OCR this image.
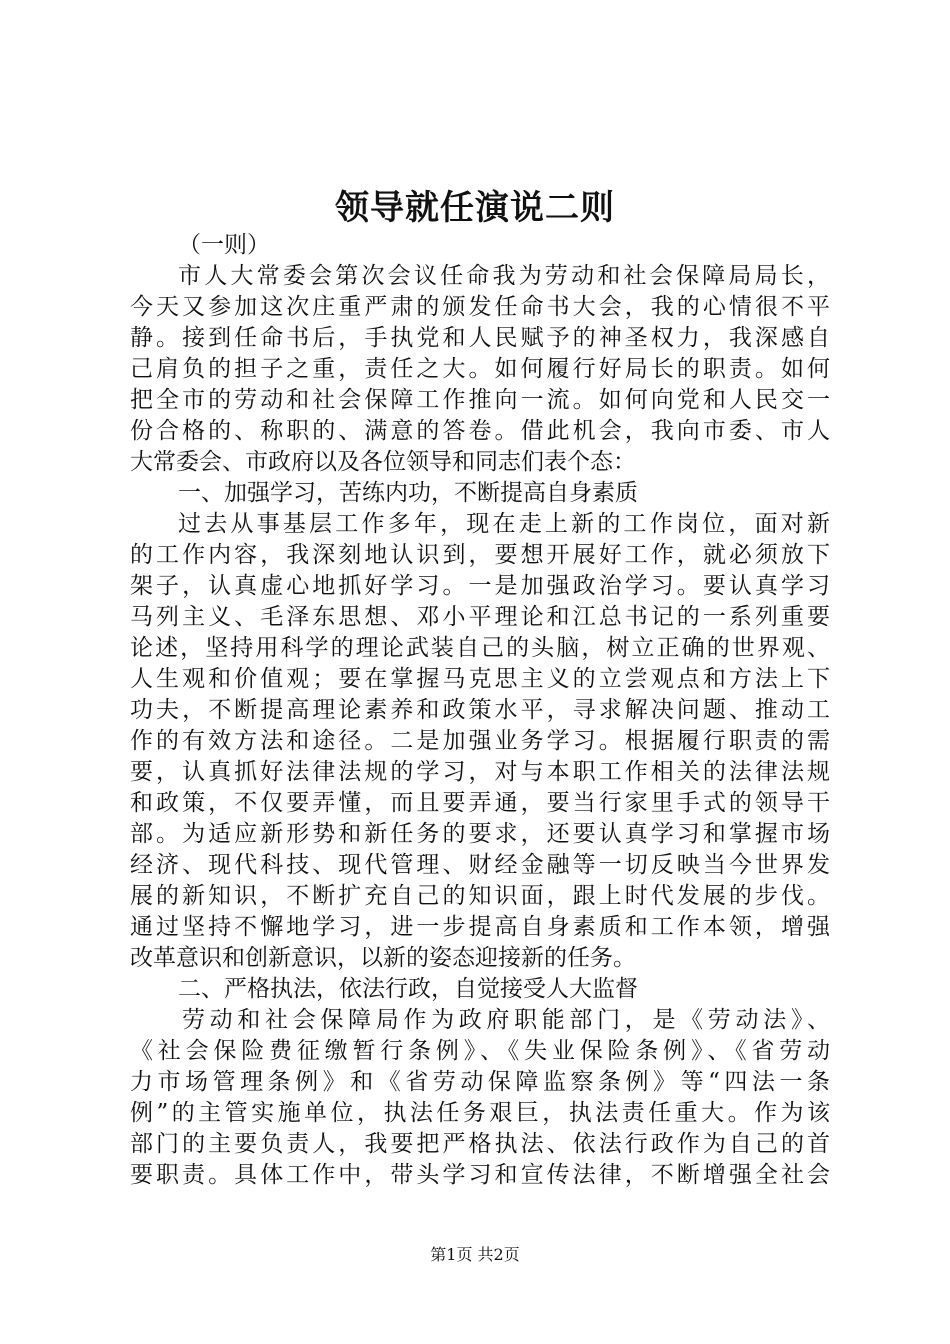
领导就任演说二则
（一则）
市人大常委会第次会议任命我为劳动和社会保障局局长，
今天又参加这次庄重严肃的颁发任命书大会，我的心情很不平
静。接到任命书后，手执党和人民赋予的神圣权力，我深感自
己肩负的担子之重，责任之大。如何履行好局长的职责。如何
把全市的劳动和社会保障工作推向一流。如何向党和人民交一
份合格的、称职的、满意的答卷。借此机会，我向市委、市人
大常委会、市政府以及各位领导和同志们表个态：
一、加强学习，苦练内功，不断提高自身素质
过去从事基层工作多年，现在走上新的工作岗位，面对新
的工作内容，我深刻地认识到，要想开展好工作，就必须放下
架子，认真虚心地抓好学习。一是加强政治学习。要认真学习
马列主义、毛泽东思想、邓小平理论和江总书记的一系列重要
论述，坚持用科学的理论武装自己的头脑，树立正确的世界观、
人生观和价值观；要在掌握马克思主义的立尝观点和方法上下
功夫，不断提高理论素养和政策水平，寻求解决问题、推动工
作的有效方法和途径。二是加强业务学习。根据履行职责的需
要，认真抓好法律法规的学习，对与本职工作相关的法律法规
和政策，不仅要弄懂，而且要弄通，要当行家里手式的领导干
部。为适应新形势和新任务的要求，还要认真学习和掌握市场
经济、现代科技、现代管理、财经金融等一切反映当今世界发
展的新知识，不断扩充自己的知识面，跟上时代发展的步伐。
通过坚持不懈地学习，进一步提高自身素质和工作本领，增强
改革意识和创新意识，以新的姿态迎接新的任务。
二、严格执法，依法行政，自觉接受人大监督
劳动和社会保障局作为政府职能部门，是《劳动法》、
《社会保险费征缴暂行条例》、《失业保险条例》、《省劳动
力市场管理条例》和《省劳动保障监察条例》等“四法一条
例”的主管实施单位，执法任务艰巨，执法责任重大。作为该
部门的主要负责人，我要把严格执法、依法行政作为自己的首
要职责。具体工作中，带头学习和宣传法律，不断增强全社会
第1页 共2页
